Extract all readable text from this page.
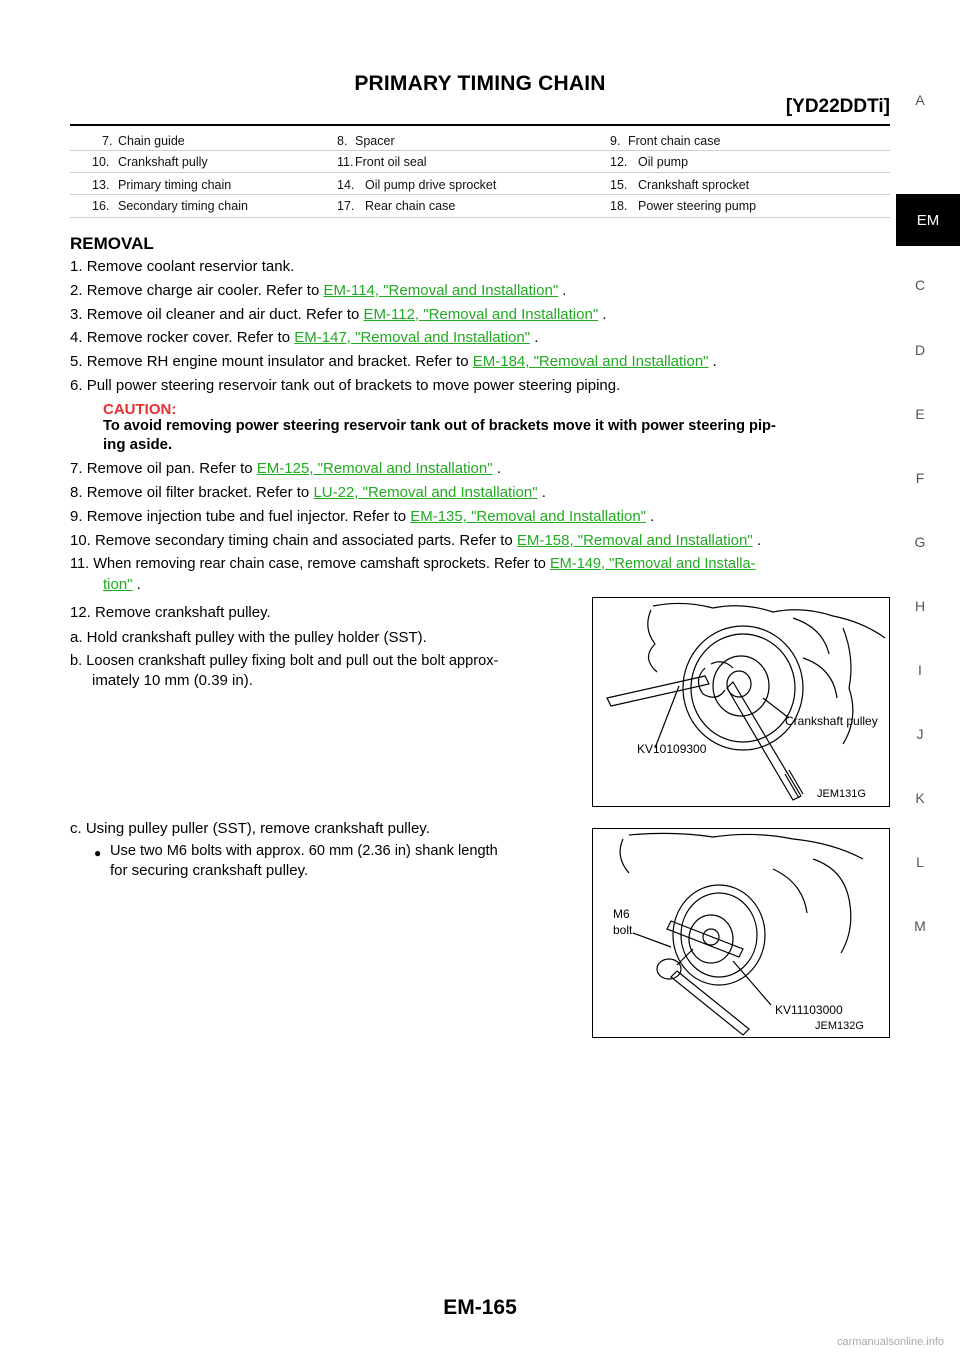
PRIMARY TIMING CHAIN
[YD22DDTi]	A
EM
C
D
E
F
G
H
I
J
K
L
M
7. Chain guide	8. Spacer	9. Front chain case
10. Crankshaft pully	11. Front oil seal	12. Oil pump
13. Primary timing chain	14. Oil pump drive sprocket	15. Crankshaft sprocket
16. Secondary timing chain	17. Rear chain case	18. Power steering pump
REMOVAL
1. Remove coolant reservior tank.
2. Remove charge air cooler. Refer to EM-114, "Removal and Installation" .
3. Remove oil cleaner and air duct. Refer to EM-112, "Removal and Installation" .
4. Remove rocker cover. Refer to EM-147, "Removal and Installation" .
5. Remove RH engine mount insulator and bracket. Refer to EM-184, "Removal and Installation" .
6. Pull power steering reservoir tank out of brackets to move power steering piping.
CAUTION:
To avoid removing power steering reservoir tank out of brackets move it with power steering pip-
ing aside.
7. Remove oil pan. Refer to EM-125, "Removal and Installation" .
8. Remove oil filter bracket. Refer to LU-22, "Removal and Installation" .
9. Remove injection tube and fuel injector. Refer to EM-135, "Removal and Installation" .
10. Remove secondary timing chain and associated parts. Refer to EM-158, "Removal and Installation" .
11. When removing rear chain case, remove camshaft sprockets. Refer to EM-149, "Removal and Installa-
tion" .
12. Remove crankshaft pulley.
a. Hold crankshaft pulley with the pulley holder (SST).
b. Loosen crankshaft pulley fixing bolt and pull out the bolt approx-
imately 10 mm (0.39 in).
c. Using pulley puller (SST), remove crankshaft pulley.
● Use two M6 bolts with approx. 60 mm (2.36 in) shank length
for securing crankshaft pulley.
KV10109300
Crankshaft pulley
JEM131G
M6
bolt
KV11103000
JEM132G
EM-165
carmanualsonline.info
